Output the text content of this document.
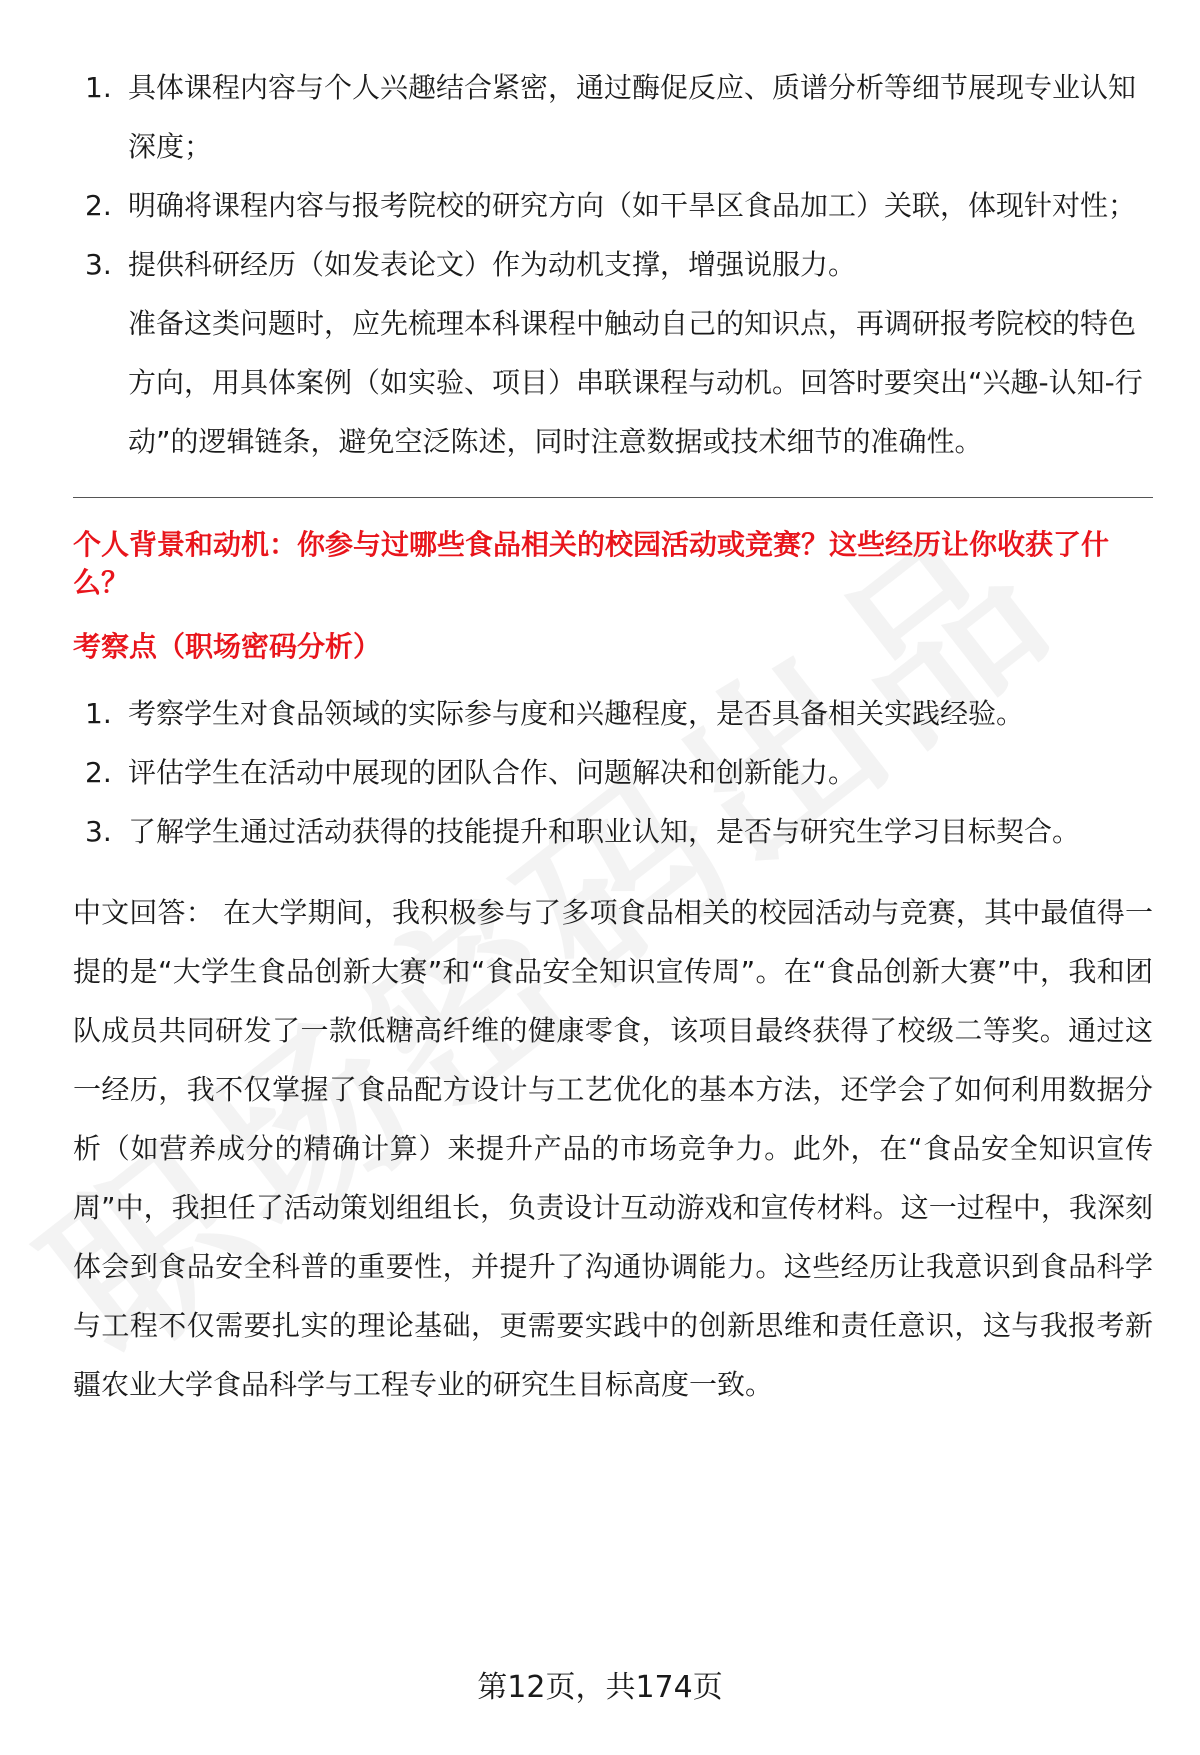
1. 具体课程内容与个人兴趣结合紧密，通过酶促反应、质谱分析等细节展现专业认知深度；
2. 明确将课程内容与报考院校的研究方向（如干旱区食品加工）关联，体现针对性；
3. 提供科研经历（如发表论文）作为动机支撑，增强说服力。
准备这类问题时，应先梳理本科课程中触动自己的知识点，再调研报考院校的特色方向，用具体案例（如实验、项目）串联课程与动机。回答时要突出“兴趣-认知-行动”的逻辑链条，避免空泛陈述，同时注意数据或技术细节的准确性。
个人背景和动机：你参与过哪些食品相关的校园活动或竞赛？这些经历让你收获了什么？
考察点（职场密码分析）
1. 考察学生对食品领域的实际参与度和兴趣程度，是否具备相关实践经验。
2. 评估学生在活动中展现的团队合作、问题解决和创新能力。
3. 了解学生通过活动获得的技能提升和职业认知，是否与研究生学习目标契合。
中文回答： 在大学期间，我积极参与了多项食品相关的校园活动与竞赛，其中最值得一提的是“大学生食品创新大赛”和“食品安全知识宣传周”。在“食品创新大赛”中，我和团队成员共同研发了一款低糖高纤维的健康零食，该项目最终获得了校级二等奖。通过这一经历，我不仅掌握了食品配方设计与工艺优化的基本方法，还学会了如何利用数据分析（如营养成分的精确计算）来提升产品的市场竞争力。此外，在“食品安全知识宣传周”中，我担任了活动策划组组长，负责设计互动游戏和宣传材料。这一过程中，我深刻体会到食品安全科普的重要性，并提升了沟通协调能力。这些经历让我意识到食品科学与工程不仅需要扎实的理论基础，更需要实践中的创新思维和责任意识，这与我报考新疆农业大学食品科学与工程专业的研究生目标高度一致。
第12页，共174页
